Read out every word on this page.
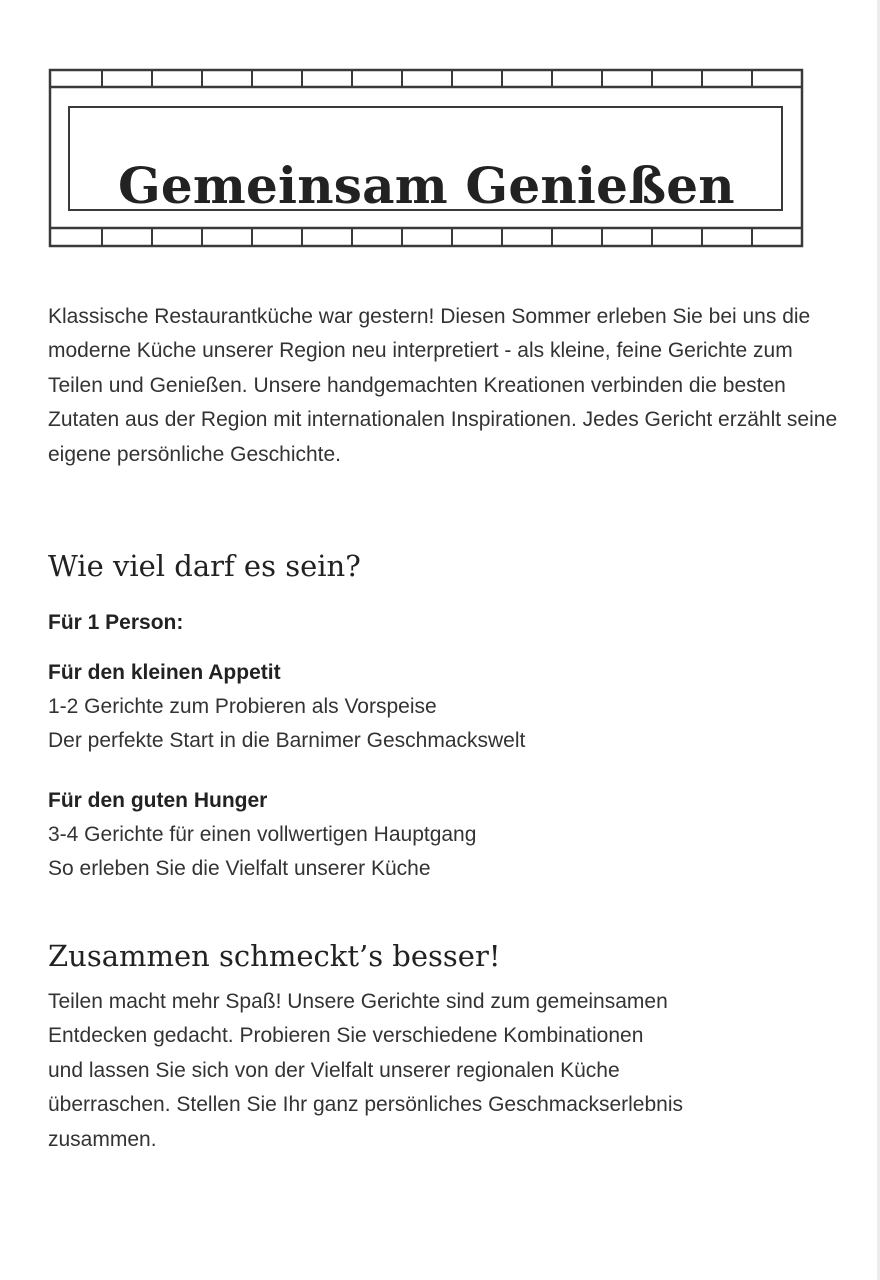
Gemeinsam Genießen

Klassische Restaurantküche war gestern! Diesen Sommer erleben Sie bei uns die moderne Küche unserer Region neu interpretiert - als kleine, feine Gerichte zum Teilen und Genießen. Unsere handgemachten Kreationen verbinden die besten Zutaten aus der Region mit internationalen Inspirationen. Jedes Gericht erzählt seine eigene persönliche Geschichte.

Wie viel darf es sein?

Für 1 Person:

Für den kleinen Appetit
1-2 Gerichte zum Probieren als Vorspeise
Der perfekte Start in die Barnimer Geschmackswelt
Für den guten Hunger
3-4 Gerichte für einen vollwertigen Hauptgang
So erleben Sie die Vielfalt unserer Küche
Zusammen schmeckt’s besser!
Teilen macht mehr Spaß! Unsere Gerichte sind zum gemeinsamen
Entdecken gedacht. Probieren Sie verschiedene Kombinationen
und lassen Sie sich von der Vielfalt unserer regionalen Küche
überraschen. Stellen Sie Ihr ganz persönliches Geschmackserlebnis
zusammen.
